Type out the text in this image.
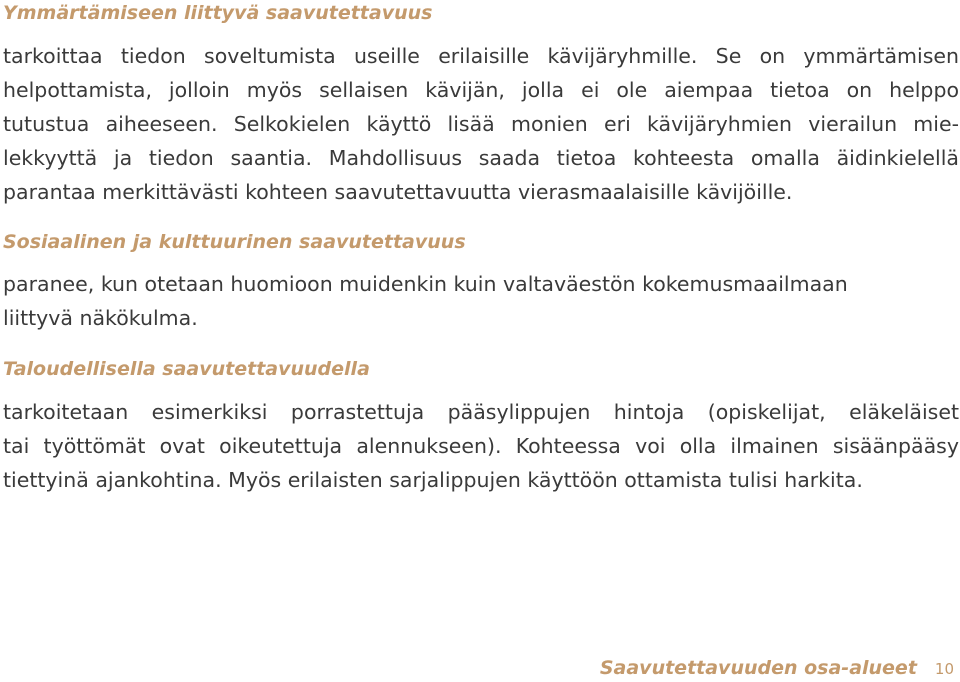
Ymmärtämiseen liittyvä saavutettavuus

tarkoittaa tiedon soveltumista useille erilaisille kävijäryhmille. Se on ymmärtämisen
helpottamista, jolloin myös sellaisen kävijän, jolla ei ole aiempaa tietoa on helppo
tutustua aiheeseen. Selkokielen käyttö lisää monien eri kävijäryhmien vierailun mie-
lekkyyttä ja tiedon saantia. Mahdollisuus saada tietoa kohteesta omalla äidinkielellä
parantaa merkittävästi kohteen saavutettavuutta vierasmaalaisille kävijöille.

Sosiaalinen ja kulttuurinen saavutettavuus

paranee, kun otetaan huomioon muidenkin kuin valtaväestön kokemusmaailmaan
liittyvä näkökulma.

Taloudellisella saavutettavuudella

tarkoitetaan esimerkiksi porrastettuja pääsylippujen hintoja (opiskelijat, eläkeläiset
tai työttömät ovat oikeutettuja alennukseen). Kohteessa voi olla ilmainen sisäänpääsy
tiettyinä ajankohtina. Myös erilaisten sarjalippujen käyttöön ottamista tulisi harkita.

Saavutettavuuden osa-alueet 10
